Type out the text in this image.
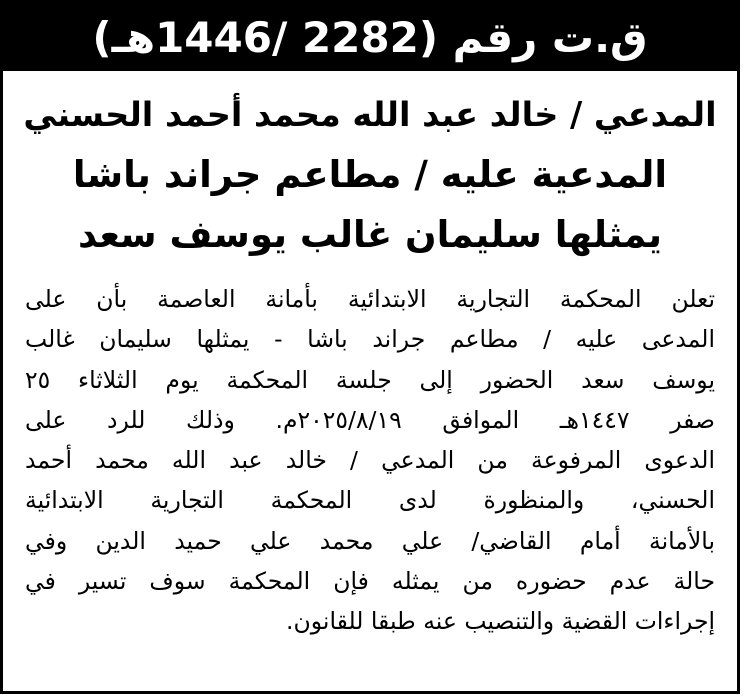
ق.ت رقم (2282 /1446هـ)
المدعي / خالد عبد الله محمد أحمد الحسني
المدعية عليه / مطاعم جراند باشا
يمثلها سليمان غالب يوسف سعد
تعلن المحكمة التجارية الابتدائية بأمانة العاصمة بأن على
المدعى عليه / مطاعم جراند باشا - يمثلها سليمان غالب
يوسف سعد الحضور إلى جلسة المحكمة يوم الثلاثاء ٢٥
صفر ١٤٤٧هـ الموافق ٢٠٢٥/٨/١٩م. وذلك للرد على
الدعوى المرفوعة من المدعي / خالد عبد الله محمد أحمد
الحسني، والمنظورة لدى المحكمة التجارية الابتدائية
بالأمانة أمام القاضي/ علي محمد علي حميد الدين وفي
حالة عدم حضوره من يمثله فإن المحكمة سوف تسير في
إجراءات القضية والتنصيب عنه طبقا للقانون.
